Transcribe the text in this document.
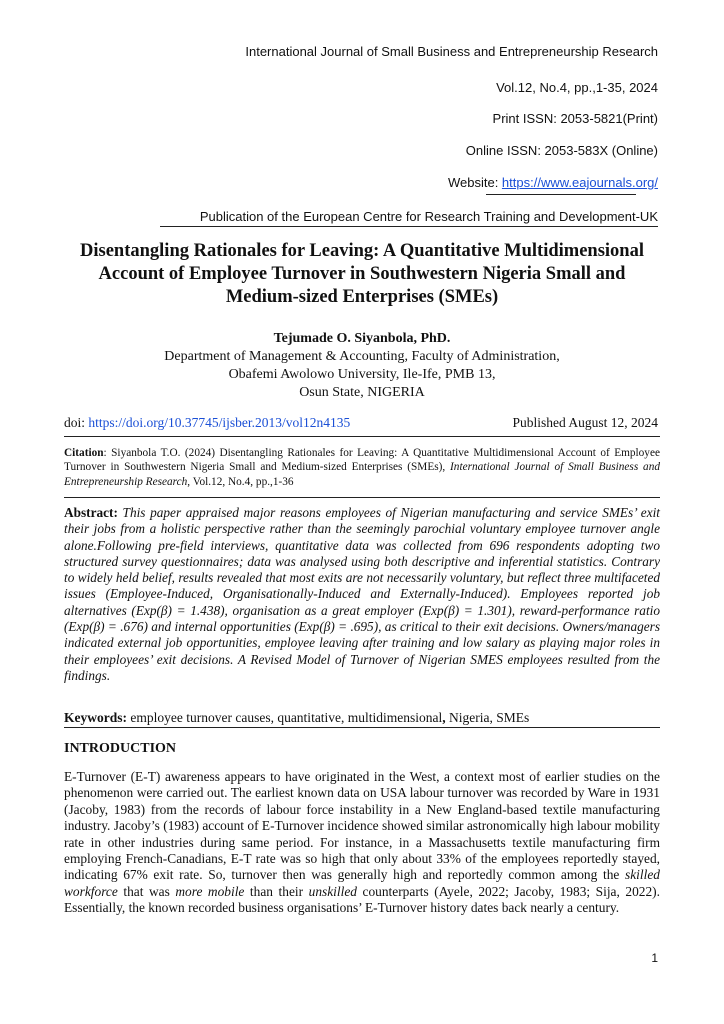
International Journal of Small Business and Entrepreneurship Research
Vol.12, No.4, pp.,1-35, 2024
Print ISSN: 2053-5821(Print)
Online ISSN: 2053-583X (Online)
Website: https://www.eajournals.org/
Publication of the European Centre for Research Training and Development-UK
Disentangling Rationales for Leaving: A Quantitative Multidimensional Account of Employee Turnover in Southwestern Nigeria Small and Medium-sized Enterprises (SMEs)
Tejumade O. Siyanbola, PhD.
Department of Management & Accounting, Faculty of Administration,
Obafemi Awolowo University, Ile-Ife, PMB 13,
Osun State, NIGERIA
doi: https://doi.org/10.37745/ijsber.2013/vol12n4135	Published August 12, 2024
Citation: Siyanbola T.O. (2024) Disentangling Rationales for Leaving: A Quantitative Multidimensional Account of Employee Turnover in Southwestern Nigeria Small and Medium-sized Enterprises (SMEs), International Journal of Small Business and Entrepreneurship Research, Vol.12, No.4, pp.,1-36
Abstract: This paper appraised major reasons employees of Nigerian manufacturing and service SMEs’ exit their jobs from a holistic perspective rather than the seemingly parochial voluntary employee turnover angle alone.Following pre-field interviews, quantitative data was collected from 696 respondents adopting two structured survey questionnaires; data was analysed using both descriptive and inferential statistics. Contrary to widely held belief, results revealed that most exits are not necessarily voluntary, but reflect three multifaceted issues (Employee-Induced, Organisationally-Induced and Externally-Induced). Employees reported job alternatives (Exp(β) = 1.438), organisation as a great employer (Exp(β) = 1.301), reward-performance ratio (Exp(β) = .676) and internal opportunities (Exp(β) = .695), as critical to their exit decisions. Owners/managers indicated external job opportunities, employee leaving after training and low salary as playing major roles in their employees’ exit decisions. A Revised Model of Turnover of Nigerian SMES employees resulted from the findings.
Keywords: employee turnover causes, quantitative, multidimensional, Nigeria, SMEs
INTRODUCTION
E-Turnover (E-T) awareness appears to have originated in the West, a context most of earlier studies on the phenomenon were carried out. The earliest known data on USA labour turnover was recorded by Ware in 1931 (Jacoby, 1983) from the records of labour force instability in a New England-based textile manufacturing industry. Jacoby’s (1983) account of E-Turnover incidence showed similar astronomically high labour mobility rate in other industries during same period. For instance, in a Massachusetts textile manufacturing firm employing French-Canadians, E-T rate was so high that only about 33% of the employees reportedly stayed, indicating 67% exit rate. So, turnover then was generally high and reportedly common among the skilled workforce that was more mobile than their unskilled counterparts (Ayele, 2022; Jacoby, 1983; Sija, 2022). Essentially, the known recorded business organisations’ E-Turnover history dates back nearly a century.
1
